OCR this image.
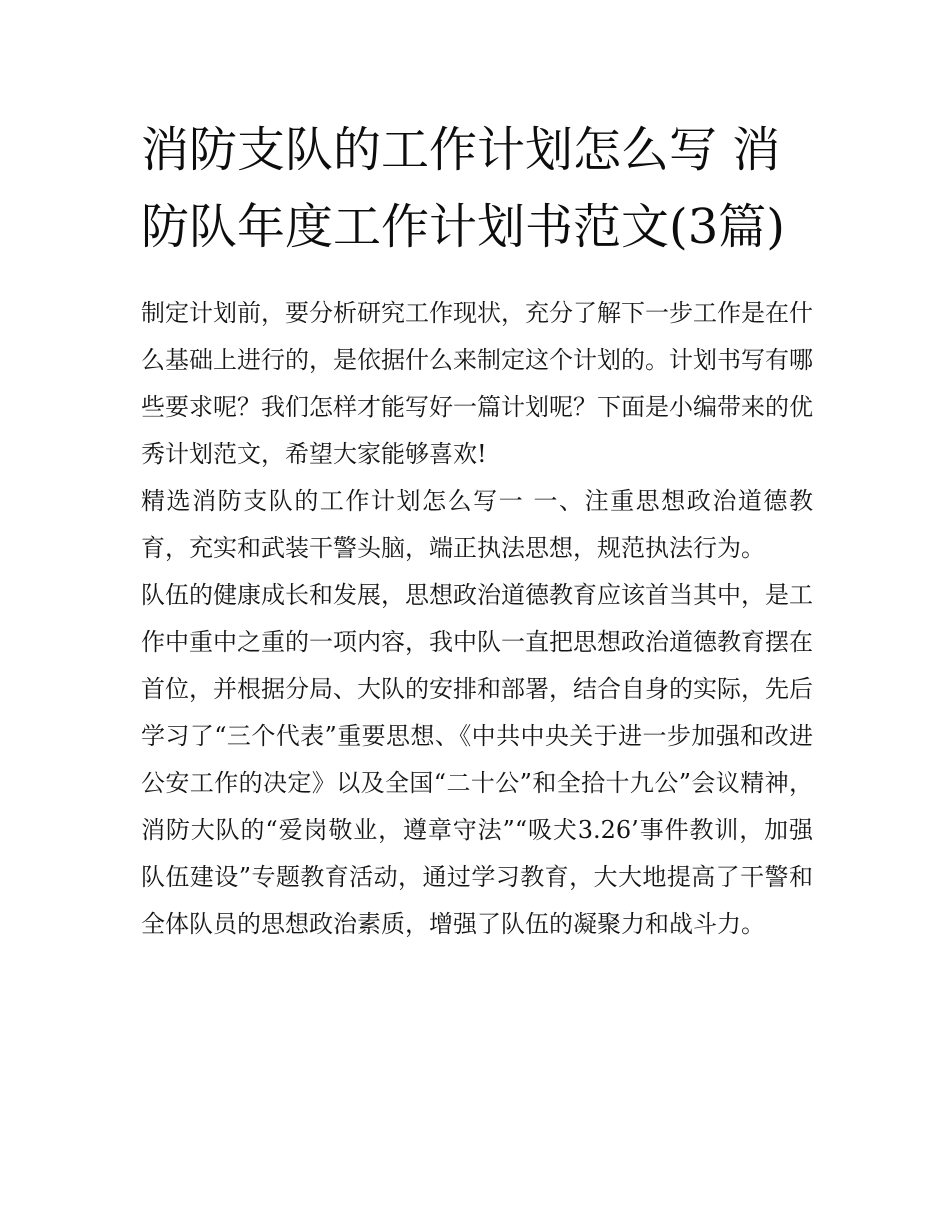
消防支队的工作计划怎么写 消防队年度工作计划书范文(3篇)

制定计划前，要分析研究工作现状，充分了解下一步工作是在什么基础上进行的，是依据什么来制定这个计划的。计划书写有哪些要求呢？我们怎样才能写好一篇计划呢？下面是小编带来的优秀计划范文，希望大家能够喜欢!

精选消防支队的工作计划怎么写一 一、注重思想政治道德教育，充实和武装干警头脑，端正执法思想，规范执法行为。

队伍的健康成长和发展，思想政治道德教育应该首当其中，是工作中重中之重的一项内容，我中队一直把思想政治道德教育摆在首位，并根据分局、大队的安排和部署，结合自身的实际，先后学习了“三个代表”重要思想、《中共中央关于进一步加强和改进公安工作的决定》以及全国“二十公”和全拾十九公”会议精神，消防大队的“爱岗敬业，遵章守法”“吸犬3.26’事件教训，加强队伍建设”专题教育活动，通过学习教育，大大地提高了干警和全体队员的思想政治素质，增强了队伍的凝聚力和战斗力。
